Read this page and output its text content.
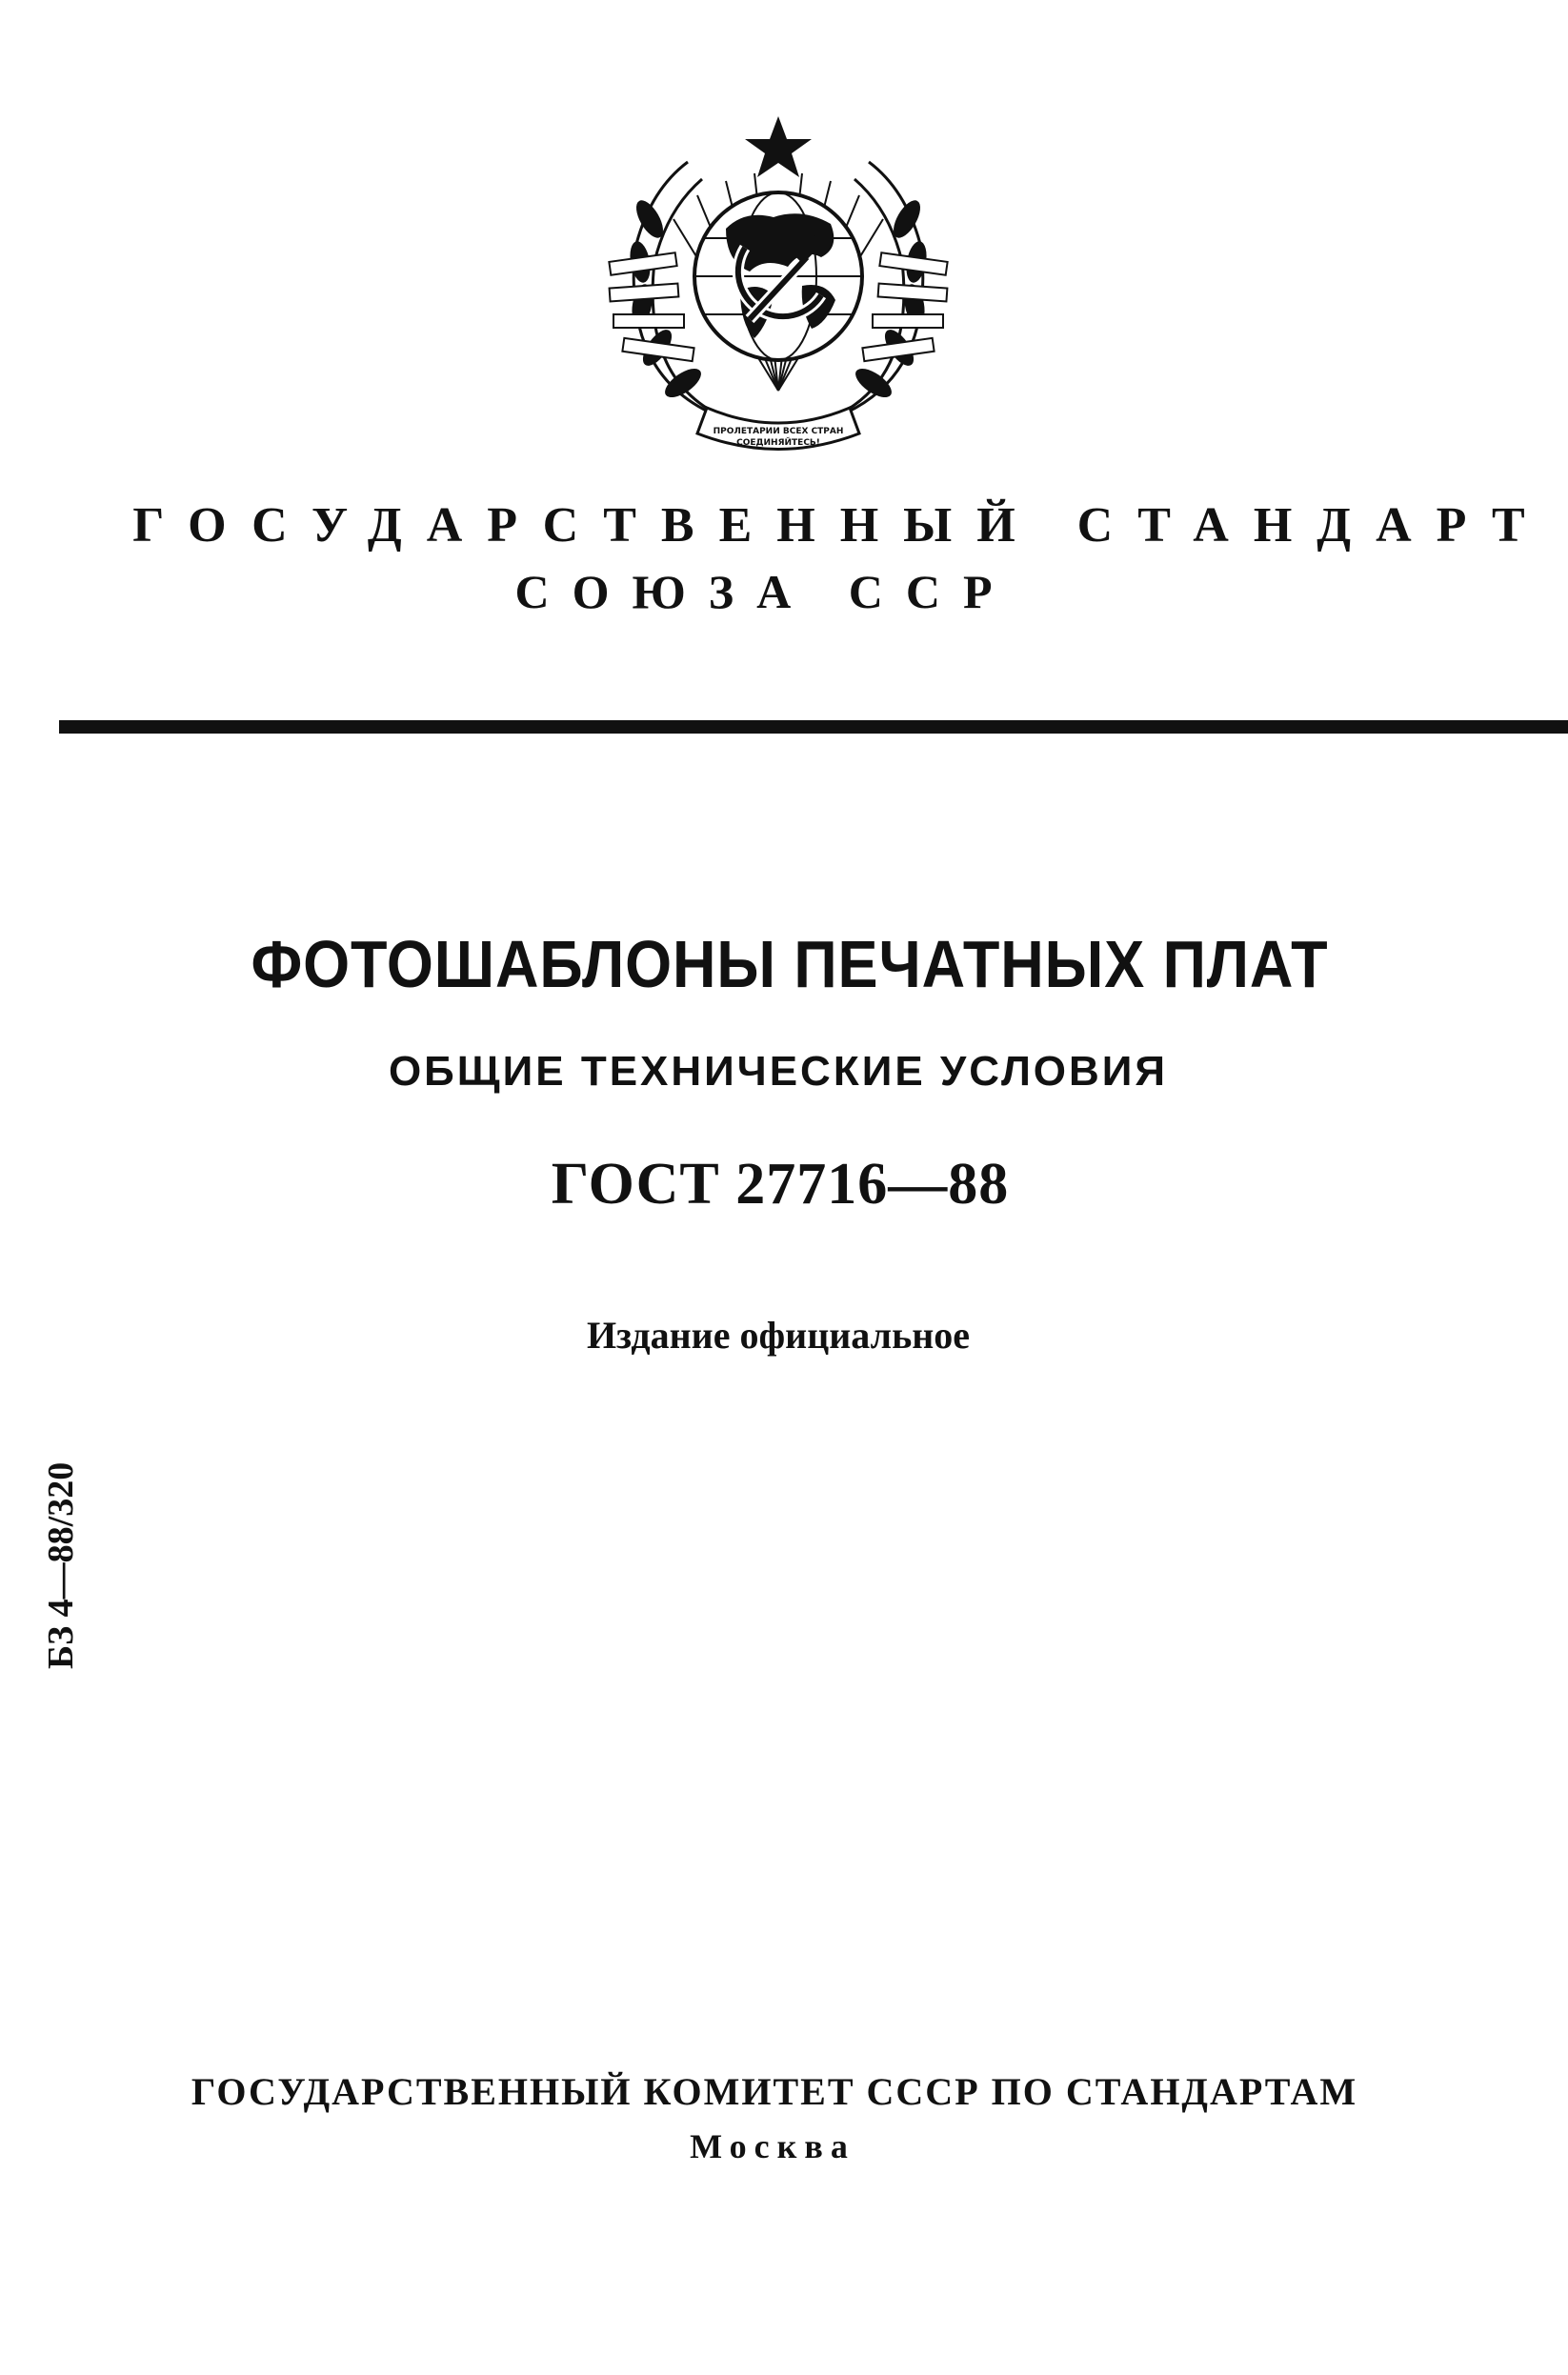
ПРОЛЕТАРИИ ВСЕХ СТРАН
СОЕДИНЯЙТЕСЬ!
ГОСУДАРСТВЕННЫЙ СТАНДАРТ
СОЮЗА ССР
ФОТОШАБЛОНЫ ПЕЧАТНЫХ ПЛАТ
ОБЩИЕ ТЕХНИЧЕСКИЕ УСЛОВИЯ
ГОСТ 27716—88
Издание официальное
БЗ 4—88/320
ГОСУДАРСТВЕННЫЙ КОМИТЕТ СССР ПО СТАНДАРТАМ
Москва
